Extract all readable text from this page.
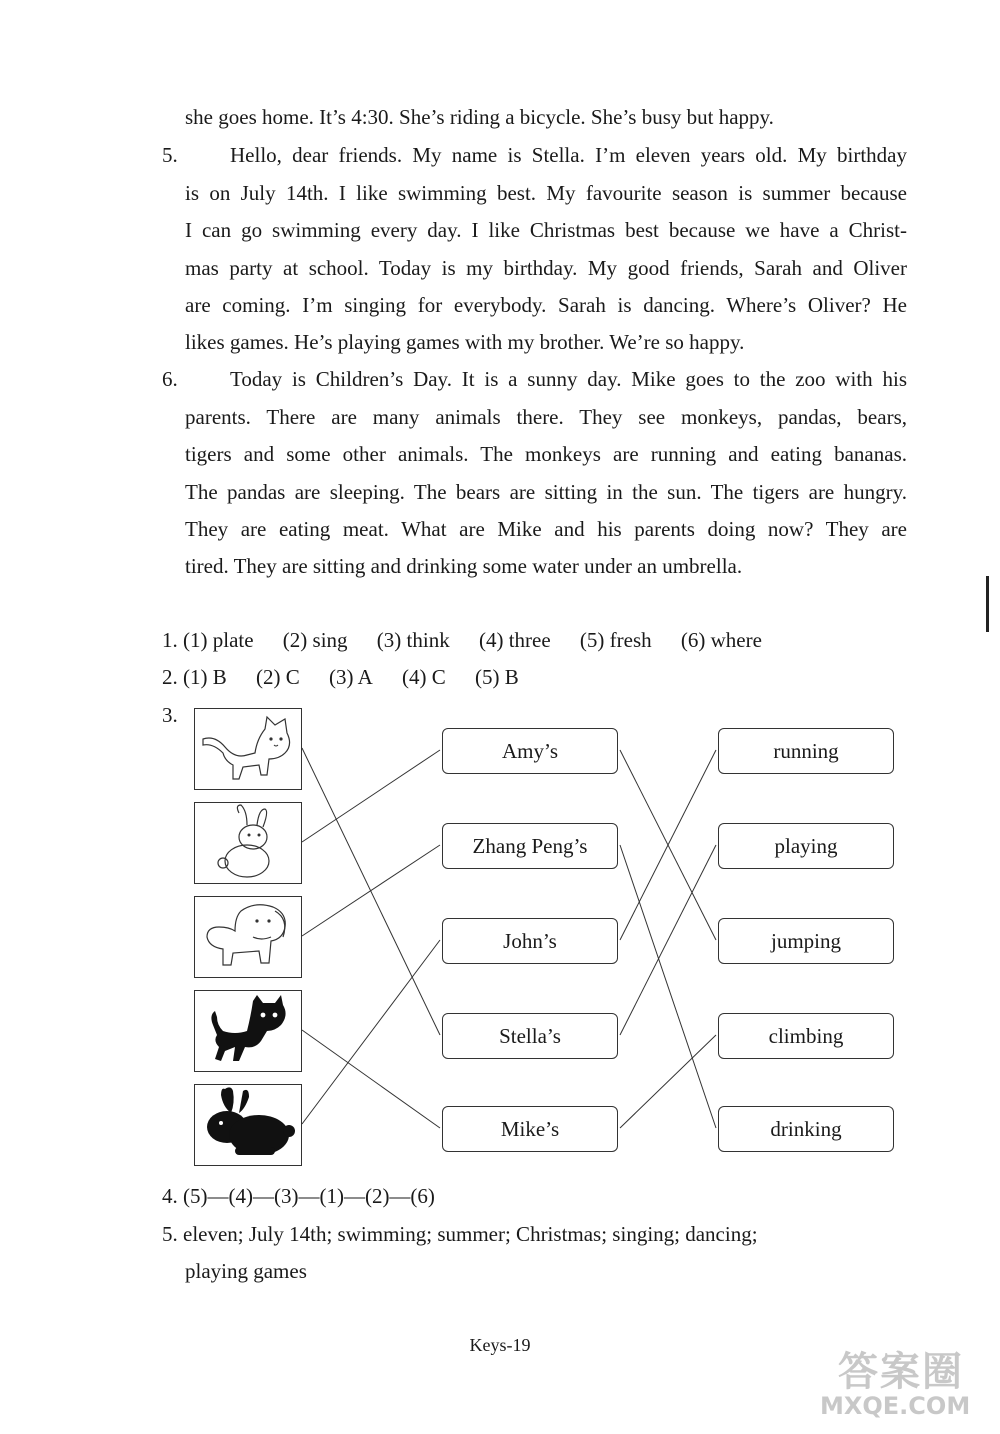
she goes home. It’s 4:30. She’s riding a bicycle. She’s busy but happy.
5. Hello, dear friends. My name is Stella. I’m eleven years old. My birthday
is on July 14th. I like swimming best. My favourite season is summer because
I can go swimming every day. I like Christmas best because we have a Christ-
mas party at school. Today is my birthday. My good friends, Sarah and Oliver
are coming. I’m singing for everybody. Sarah is dancing. Where’s Oliver? He
likes games. He’s playing games with my brother. We’re so happy.
6. Today is Children’s Day. It is a sunny day. Mike goes to the zoo with his
parents. There are many animals there. They see monkeys, pandas, bears,
tigers and some other animals. The monkeys are running and eating bananas.
The pandas are sleeping. The bears are sitting in the sun. The tigers are hungry.
They are eating meat. What are Mike and his parents doing now? They are
tired. They are sitting and drinking some water under an umbrella.
1. (1) plate (2) sing (3) think (4) three (5) fresh (6) where
2. (1) B (2) C (3) A (4) C (5) B
3.
Amy’s
Zhang Peng’s
John’s
Stella’s
Mike’s
running
playing
jumping
climbing
drinking
4. (5)—(4)—(3)—(1)—(2)—(6)
5. eleven; July 14th; swimming; summer; Christmas; singing; dancing;
playing games
Keys-19
答案圈
MXQE.COM
